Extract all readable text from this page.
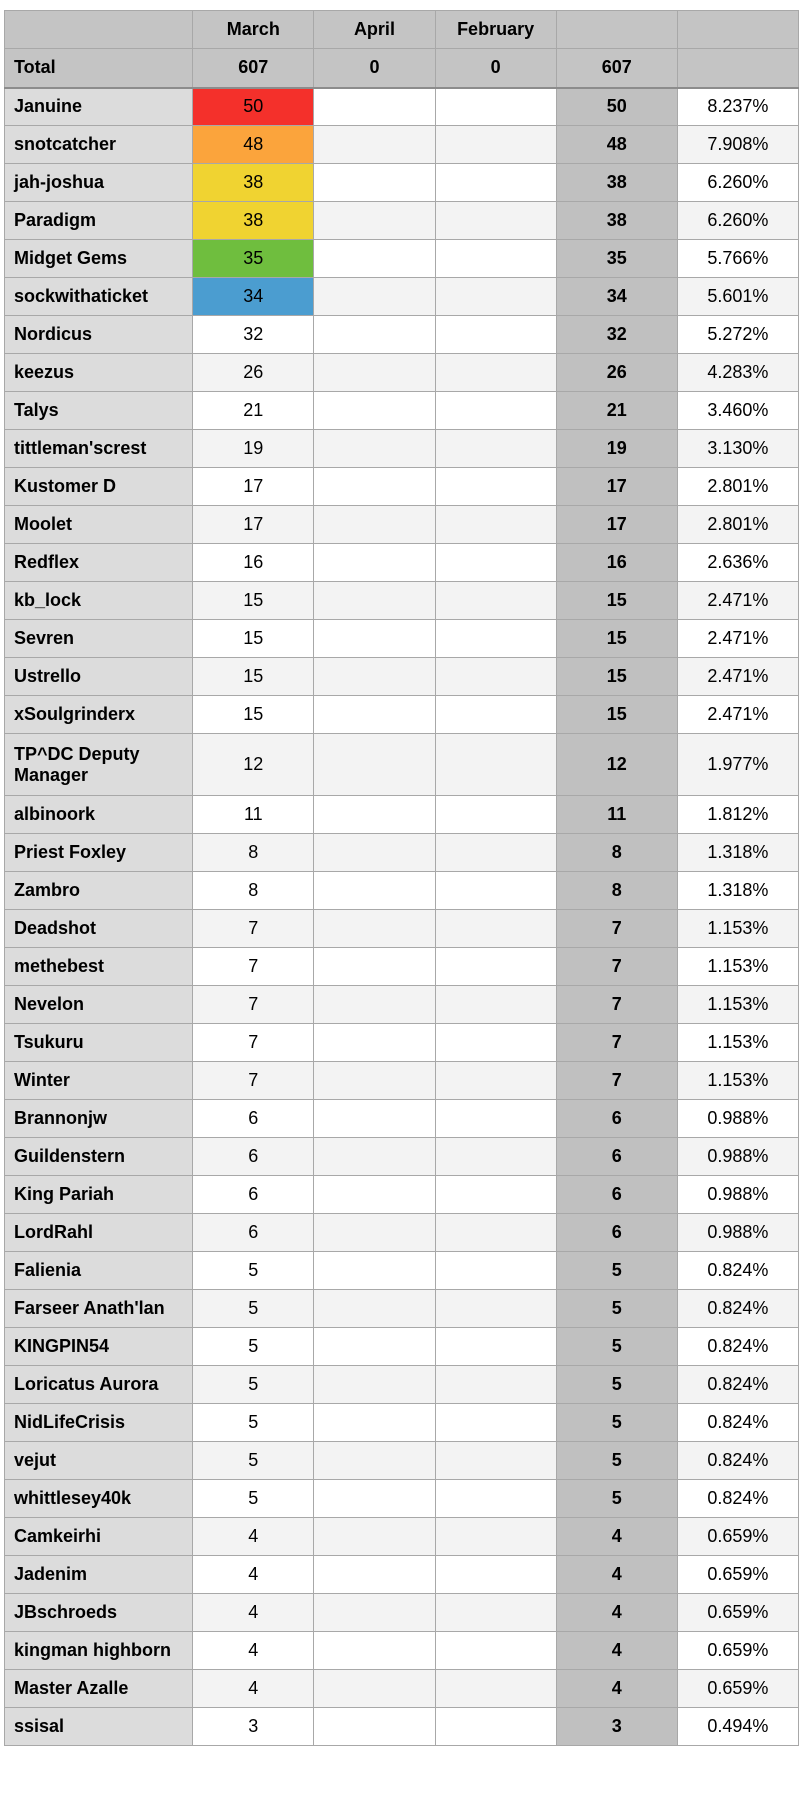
	March	April	February		
Total	607	0	0	607	
Januine	50			50	8.237%
snotcatcher	48			48	7.908%
jah-joshua	38			38	6.260%
Paradigm	38			38	6.260%
Midget Gems	35			35	5.766%
sockwithaticket	34			34	5.601%
Nordicus	32			32	5.272%
keezus	26			26	4.283%
Talys	21			21	3.460%
tittleman'screst	19			19	3.130%
Kustomer D	17			17	2.801%
Moolet	17			17	2.801%
Redflex	16			16	2.636%
kb_lock	15			15	2.471%
Sevren	15			15	2.471%
Ustrello	15			15	2.471%
xSoulgrinderx	15			15	2.471%
TP^DC Deputy Manager	12			12	1.977%
albinoork	11			11	1.812%
Priest Foxley	8			8	1.318%
Zambro	8			8	1.318%
Deadshot	7			7	1.153%
methebest	7			7	1.153%
Nevelon	7			7	1.153%
Tsukuru	7			7	1.153%
Winter	7			7	1.153%
Brannonjw	6			6	0.988%
Guildenstern	6			6	0.988%
King Pariah	6			6	0.988%
LordRahl	6			6	0.988%
Falienia	5			5	0.824%
Farseer Anath'lan	5			5	0.824%
KINGPIN54	5			5	0.824%
Loricatus Aurora	5			5	0.824%
NidLifeCrisis	5			5	0.824%
vejut	5			5	0.824%
whittlesey40k	5			5	0.824%
Camkeirhi	4			4	0.659%
Jadenim	4			4	0.659%
JBschroeds	4			4	0.659%
kingman highborn	4			4	0.659%
Master Azalle	4			4	0.659%
ssisal	3			3	0.494%
